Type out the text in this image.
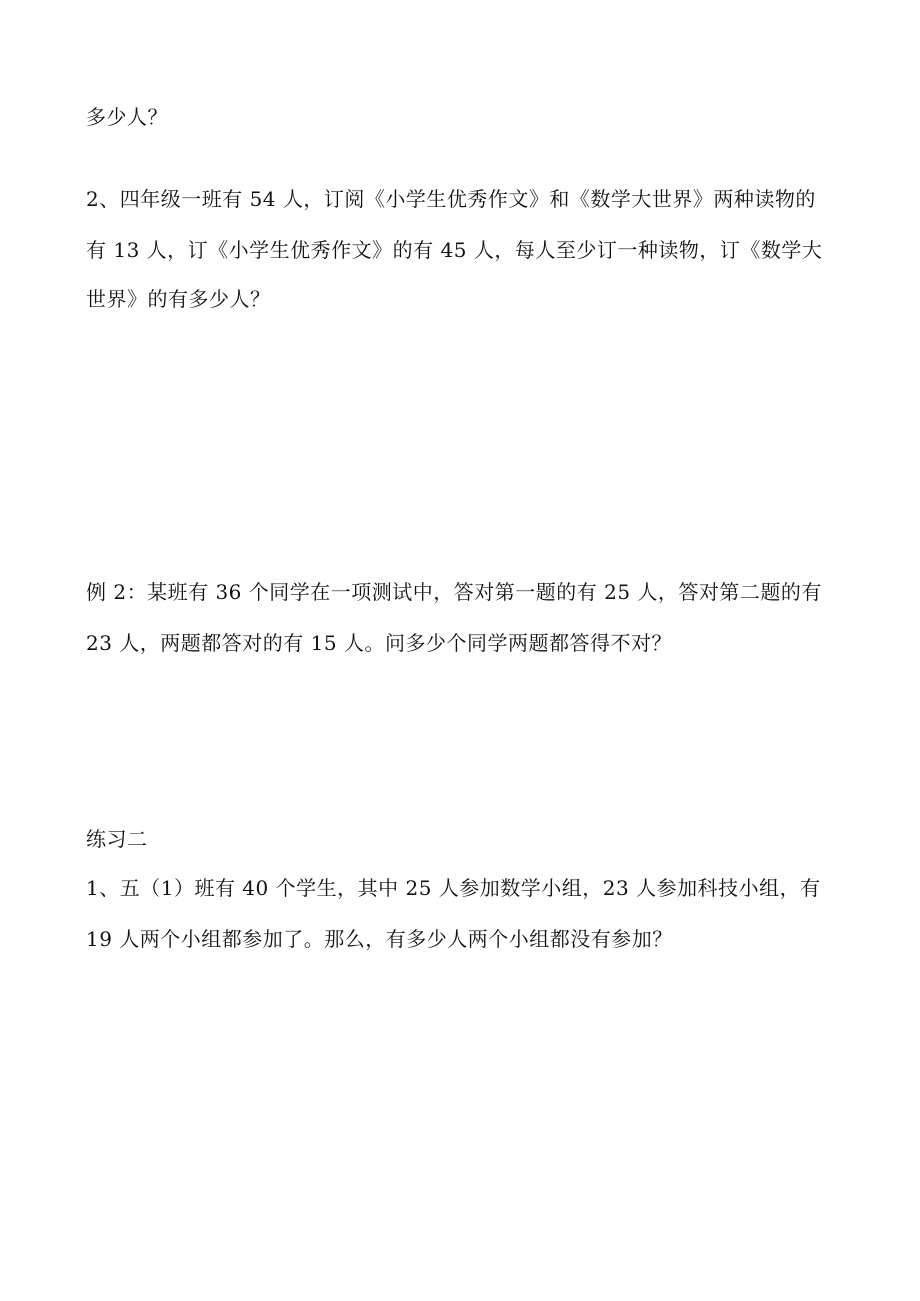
多少人？
2、四年级一班有 54 人，订阅《小学生优秀作文》和《数学大世界》两种读物的
有 13 人，订《小学生优秀作文》的有 45 人，每人至少订一种读物，订《数学大
世界》的有多少人？
例 2：某班有 36 个同学在一项测试中，答对第一题的有 25 人，答对第二题的有
23 人，两题都答对的有 15 人。问多少个同学两题都答得不对？
练习二
1、五（1）班有 40 个学生，其中 25 人参加数学小组，23 人参加科技小组，有
19 人两个小组都参加了。那么，有多少人两个小组都没有参加？
